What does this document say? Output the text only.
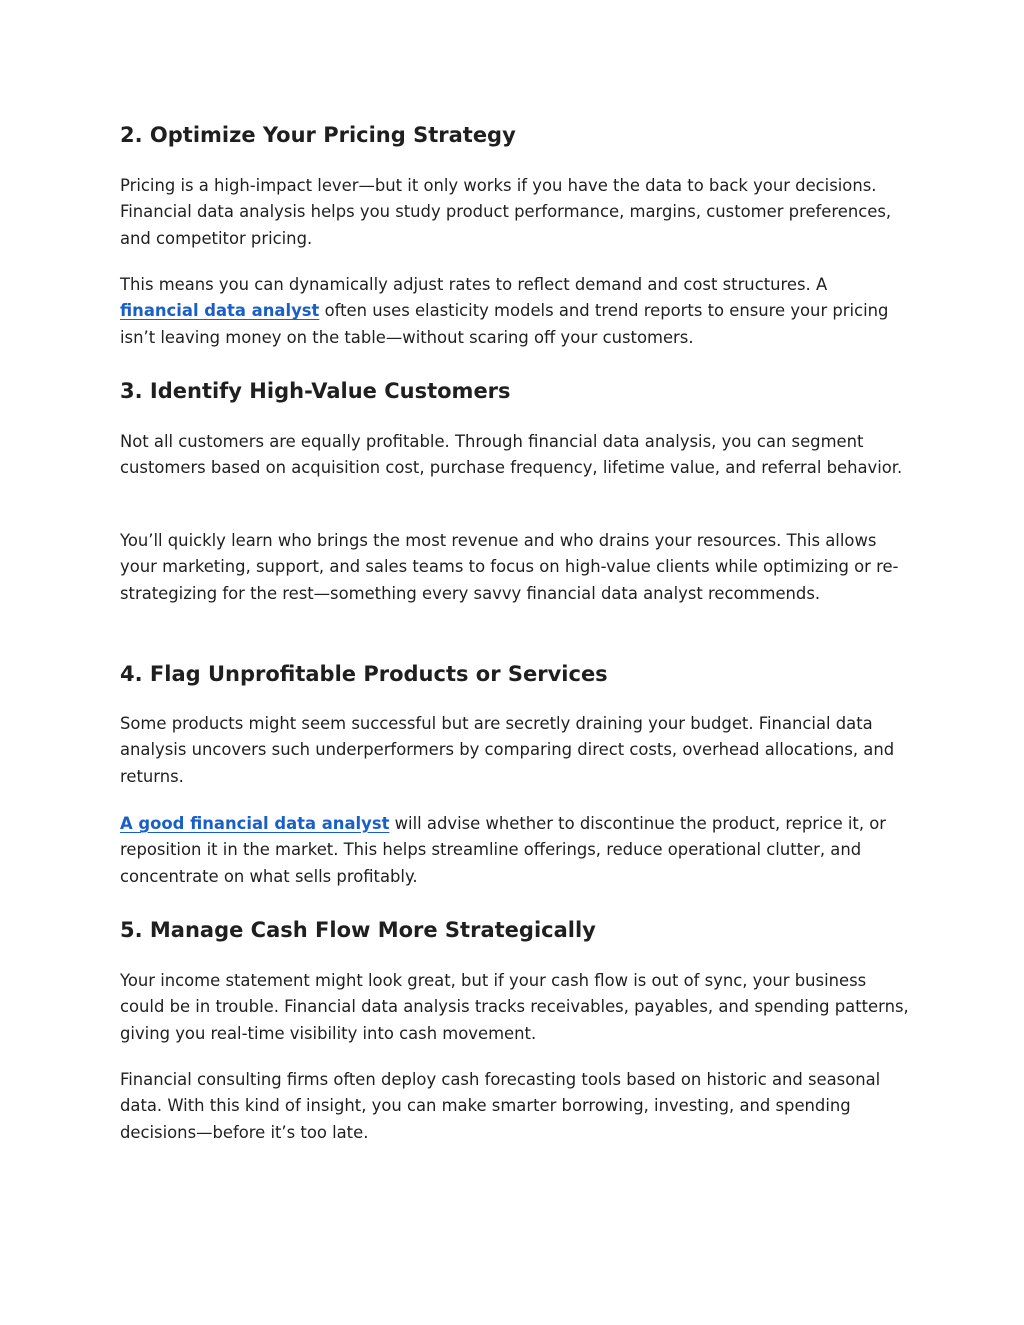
2. Optimize Your Pricing Strategy

Pricing is a high-impact lever—but it only works if you have the data to back your decisions. Financial data analysis helps you study product performance, margins, customer preferences, and competitor pricing.

This means you can dynamically adjust rates to reflect demand and cost structures. A financial data analyst often uses elasticity models and trend reports to ensure your pricing isn’t leaving money on the table—without scaring off your customers.

3. Identify High-Value Customers

Not all customers are equally profitable. Through financial data analysis, you can segment customers based on acquisition cost, purchase frequency, lifetime value, and referral behavior.

You’ll quickly learn who brings the most revenue and who drains your resources. This allows your marketing, support, and sales teams to focus on high-value clients while optimizing or re-strategizing for the rest—something every savvy financial data analyst recommends.

4. Flag Unprofitable Products or Services

Some products might seem successful but are secretly draining your budget. Financial data analysis uncovers such underperformers by comparing direct costs, overhead allocations, and returns.

A good financial data analyst will advise whether to discontinue the product, reprice it, or reposition it in the market. This helps streamline offerings, reduce operational clutter, and concentrate on what sells profitably.

5. Manage Cash Flow More Strategically

Your income statement might look great, but if your cash flow is out of sync, your business could be in trouble. Financial data analysis tracks receivables, payables, and spending patterns, giving you real-time visibility into cash movement.

Financial consulting firms often deploy cash forecasting tools based on historic and seasonal data. With this kind of insight, you can make smarter borrowing, investing, and spending decisions—before it’s too late.
